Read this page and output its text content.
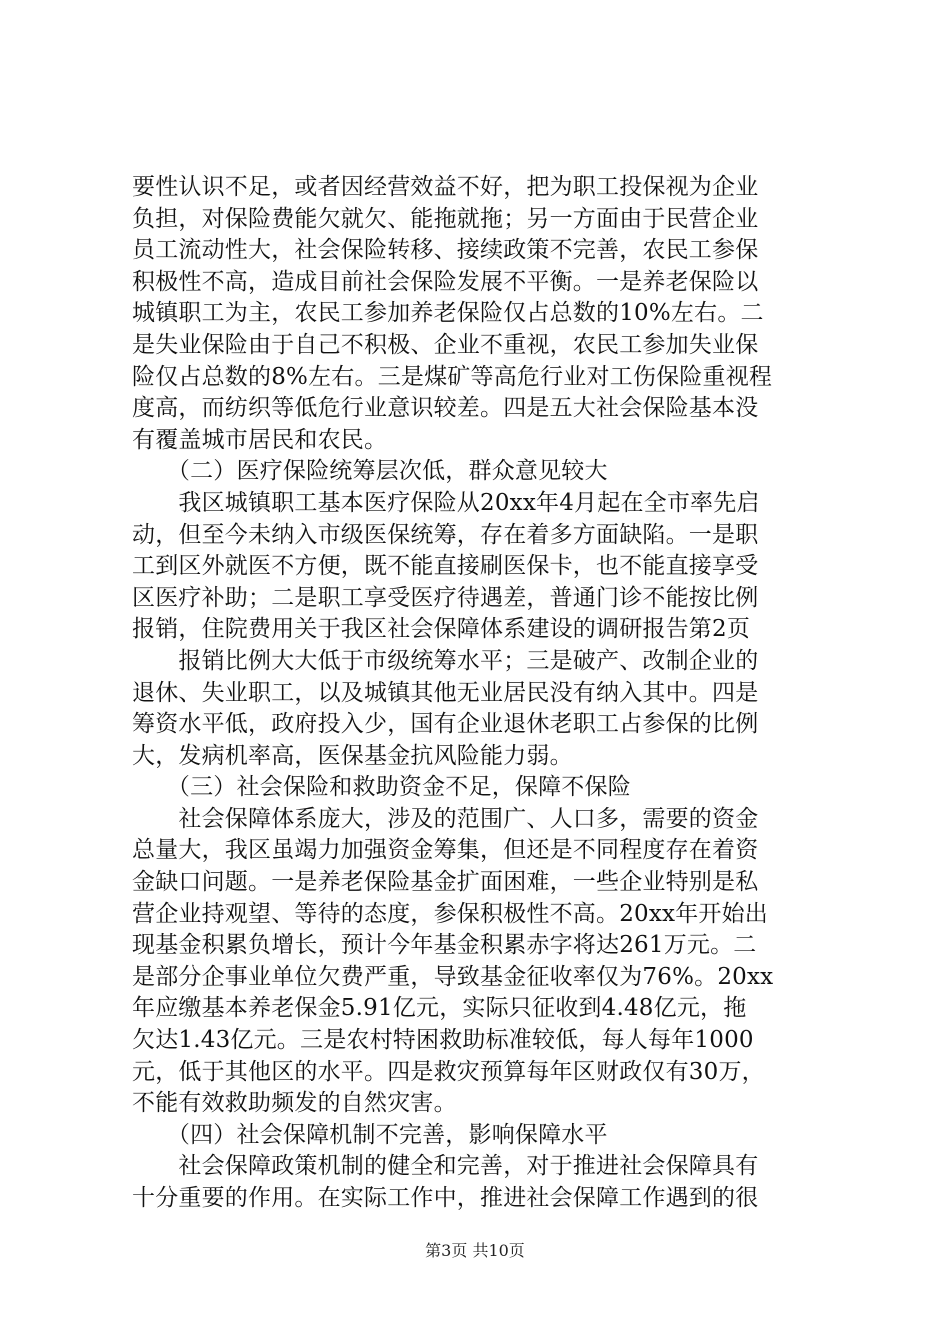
要性认识不足，或者因经营效益不好，把为职工投保视为企业
负担，对保险费能欠就欠、能拖就拖；另一方面由于民营企业
员工流动性大，社会保险转移、接续政策不完善，农民工参保
积极性不高，造成目前社会保险发展不平衡。一是养老保险以
城镇职工为主，农民工参加养老保险仅占总数的10%左右。二
是失业保险由于自己不积极、企业不重视，农民工参加失业保
险仅占总数的8%左右。三是煤矿等高危行业对工伤保险重视程
度高，而纺织等低危行业意识较差。四是五大社会保险基本没
有覆盖城市居民和农民。
　　（二）医疗保险统筹层次低，群众意见较大
　　我区城镇职工基本医疗保险从20xx年4月起在全市率先启
动，但至今未纳入市级医保统筹，存在着多方面缺陷。一是职
工到区外就医不方便，既不能直接刷医保卡，也不能直接享受
区医疗补助；二是职工享受医疗待遇差，普通门诊不能按比例
报销，住院费用关于我区社会保障体系建设的调研报告第2页
　　报销比例大大低于市级统筹水平；三是破产、改制企业的
退休、失业职工，以及城镇其他无业居民没有纳入其中。四是
筹资水平低，政府投入少，国有企业退休老职工占参保的比例
大，发病机率高，医保基金抗风险能力弱。
　　（三）社会保险和救助资金不足，保障不保险
　　社会保障体系庞大，涉及的范围广、人口多，需要的资金
总量大，我区虽竭力加强资金筹集，但还是不同程度存在着资
金缺口问题。一是养老保险基金扩面困难，一些企业特别是私
营企业持观望、等待的态度，参保积极性不高。20xx年开始出
现基金积累负增长，预计今年基金积累赤字将达261万元。二
是部分企事业单位欠费严重，导致基金征收率仅为76%。20xx
年应缴基本养老保金5.91亿元，实际只征收到4.48亿元，拖
欠达1.43亿元。三是农村特困救助标准较低，每人每年1000
元，低于其他区的水平。四是救灾预算每年区财政仅有30万，
不能有效救助频发的自然灾害。
　　（四）社会保障机制不完善，影响保障水平
　　社会保障政策机制的健全和完善，对于推进社会保障具有
十分重要的作用。在实际工作中，推进社会保障工作遇到的很
第3页 共10页
